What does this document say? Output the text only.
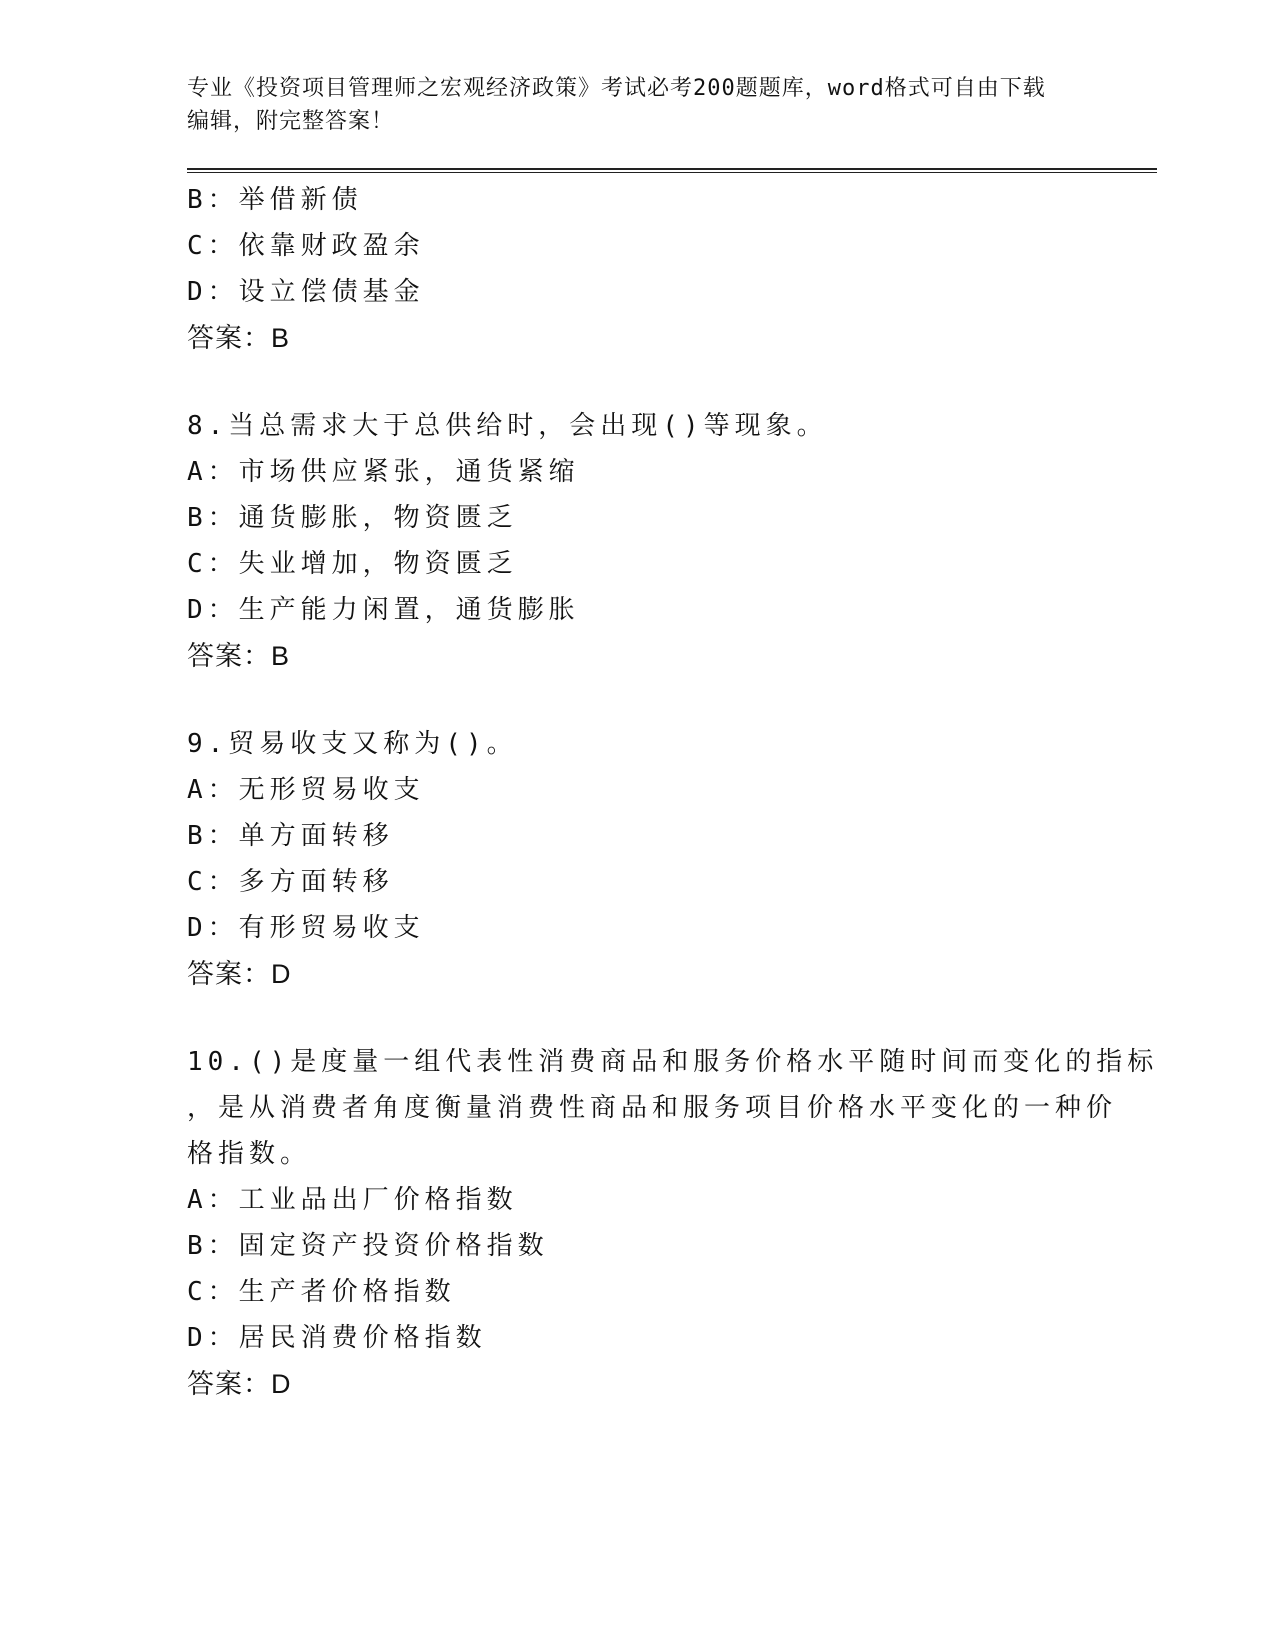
专业《投资项目管理师之宏观经济政策》考试必考200题题库，word格式可自由下载编辑，附完整答案！

B：举借新债
C：依靠财政盈余
D：设立偿债基金
答案：B
8.当总需求大于总供给时，会出现()等现象。
A：市场供应紧张，通货紧缩
B：通货膨胀，物资匮乏
C：失业增加，物资匮乏
D：生产能力闲置，通货膨胀
答案：B
9.贸易收支又称为()。
A：无形贸易收支
B：单方面转移
C：多方面转移
D：有形贸易收支
答案：D
10.()是度量一组代表性消费商品和服务价格水平随时间而变化的指标
，是从消费者角度衡量消费性商品和服务项目价格水平变化的一种价
格指数。
A：工业品出厂价格指数
B：固定资产投资价格指数
C：生产者价格指数
D：居民消费价格指数
答案：D
